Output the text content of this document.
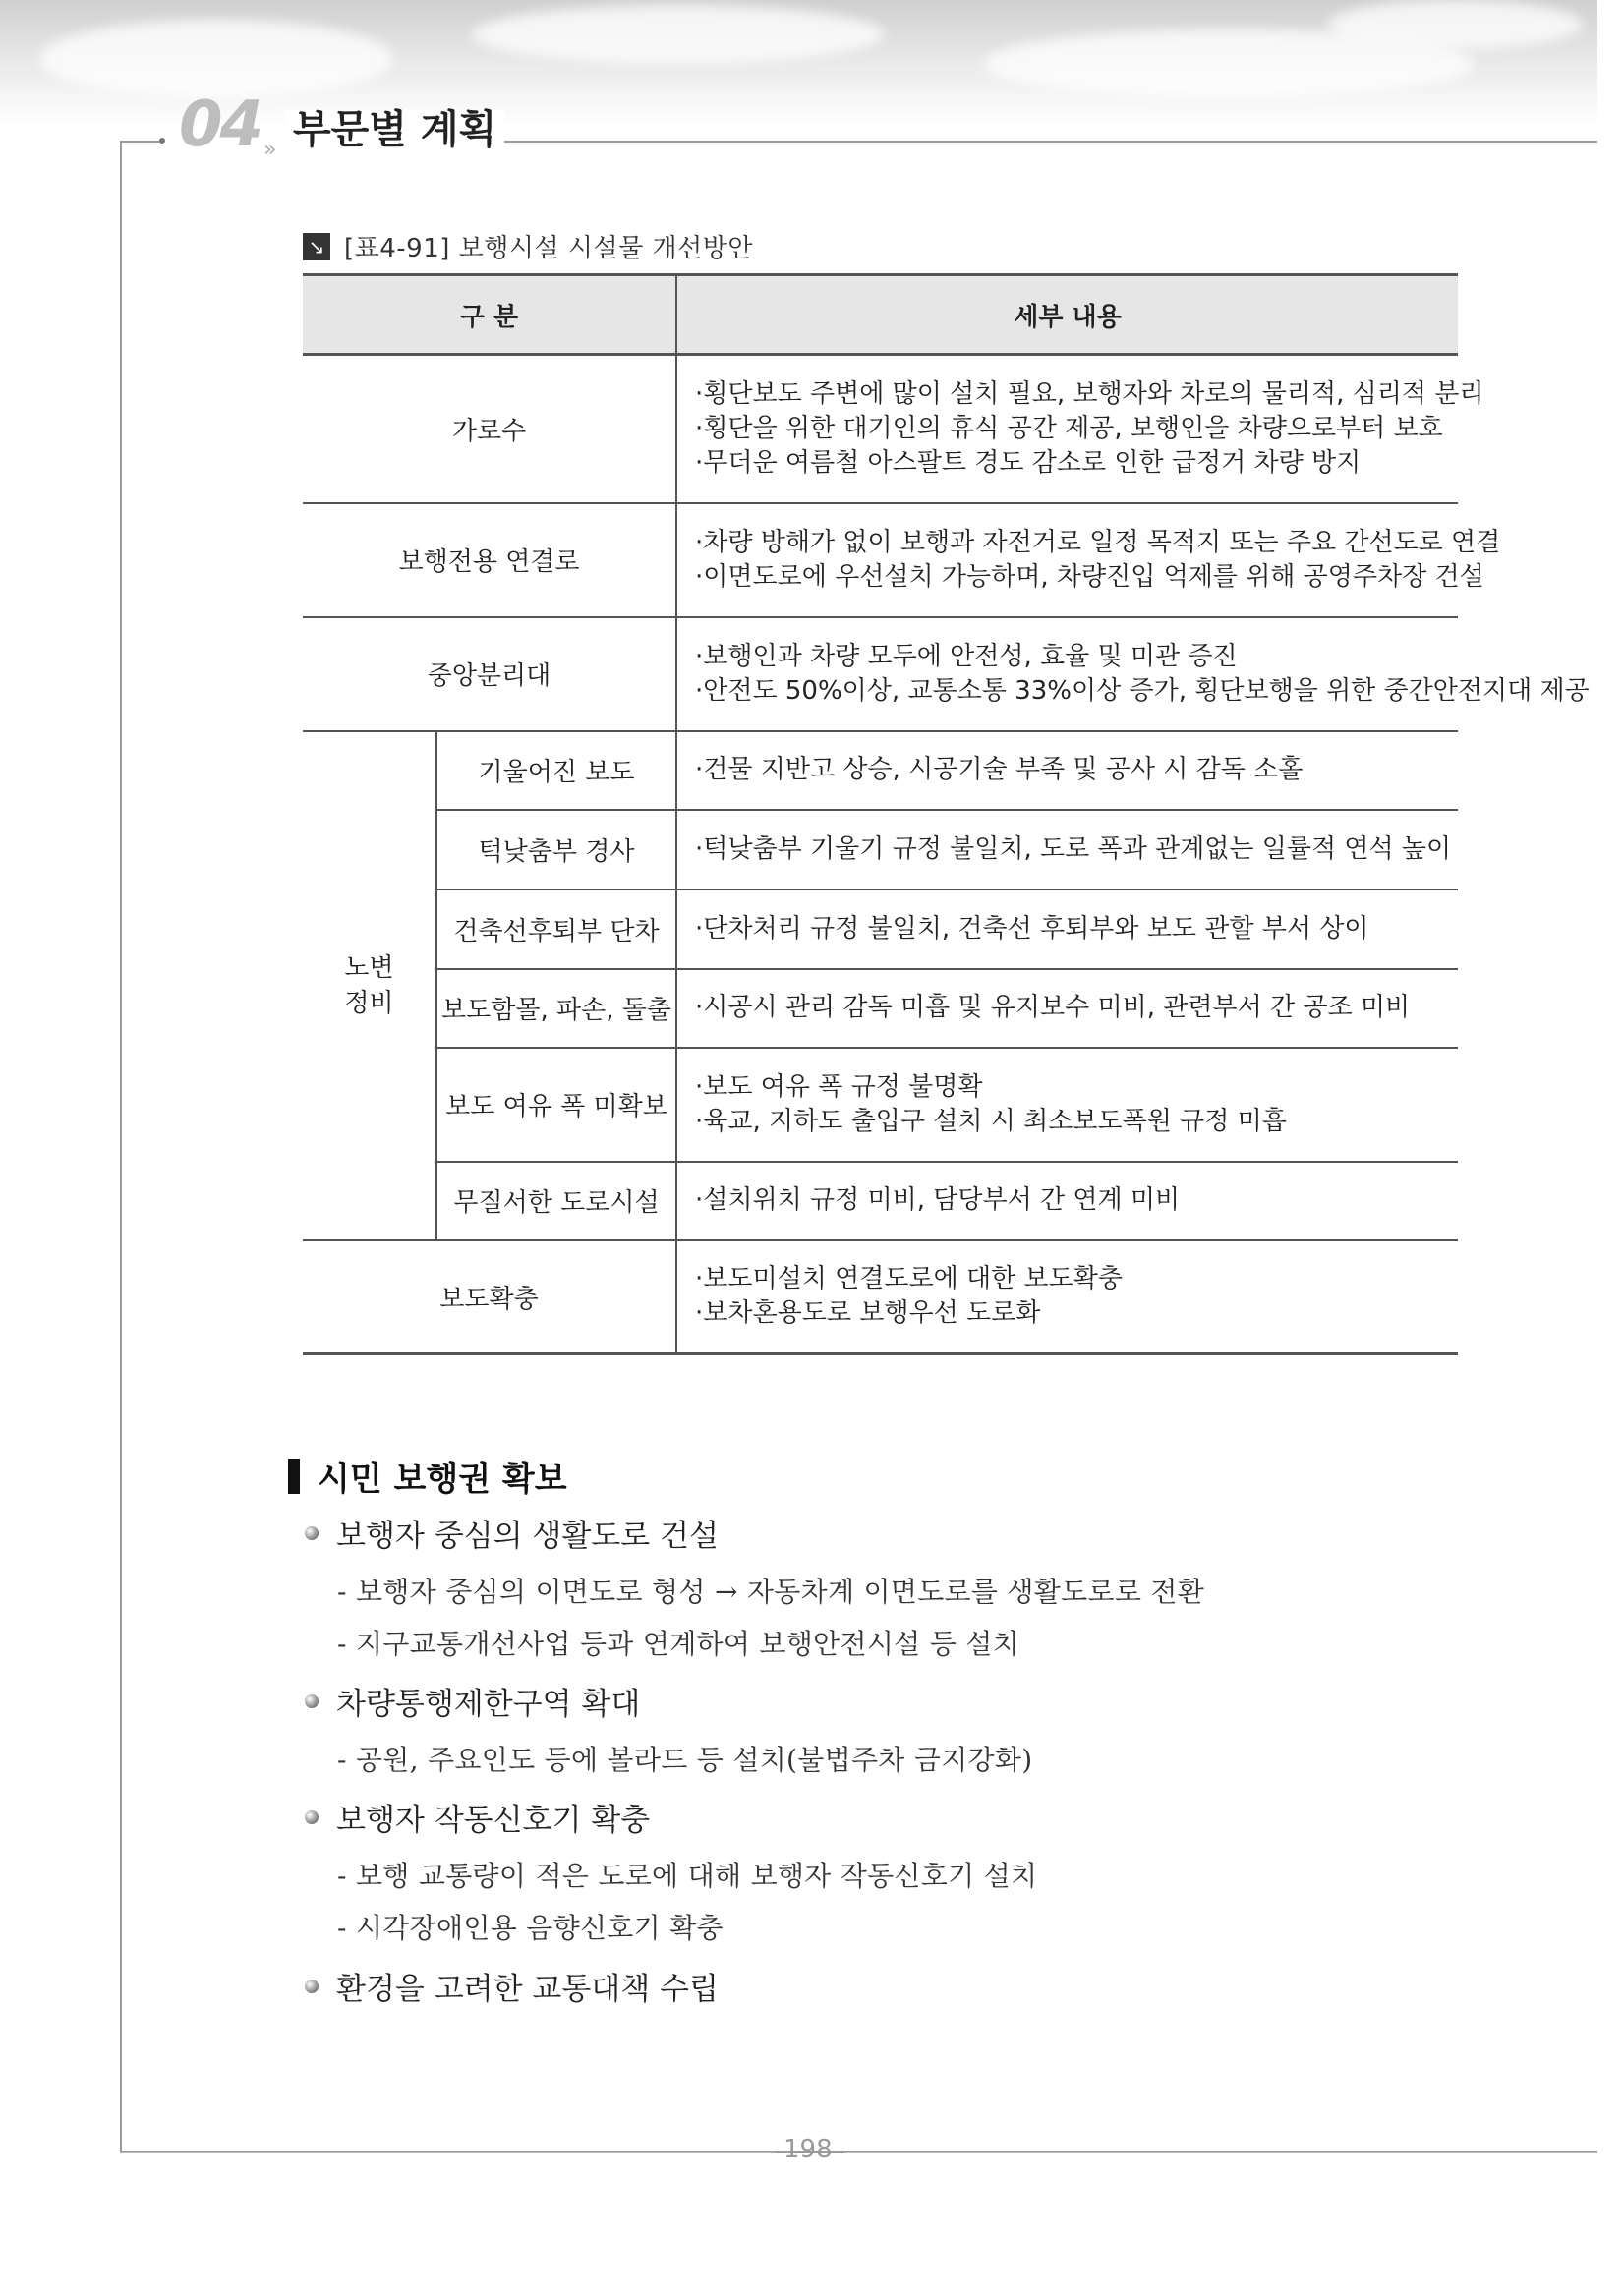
04 » 부문별 계획
↘ [표4-91] 보행시설 시설물 개선방안
구 분		세부 내용
가로수		·횡단보도 주변에 많이 설치 필요, 보행자와 차로의 물리적, 심리적 분리
·횡단을 위한 대기인의 휴식 공간 제공, 보행인을 차량으로부터 보호
·무더운 여름철 아스팔트 경도 감소로 인한 급정거 차량 방지

보행전용 연결로		·차량 방해가 없이 보행과 자전거로 일정 목적지 또는 주요 간선도로 연결
·이면도로에 우선설치 가능하며, 차량진입 억제를 위해 공영주차장 건설

중앙분리대		·보행인과 차량 모두에 안전성, 효율 및 미관 증진
·안전도 50%이상, 교통소통 33%이상 증가, 횡단보행을 위한 중간안전지대 제공

노변 정비	기울어진 보도	·건물 지반고 상승, 시공기술 부족 및 공사 시 감독 소홀

	턱낮춤부 경사	·턱낮춤부 기울기 규정 불일치, 도로 폭과 관계없는 일률적 연석 높이

	건축선후퇴부 단차	·단차처리 규정 불일치, 건축선 후퇴부와 보도 관할 부서 상이

	보도함몰, 파손, 돌출	·시공시 관리 감독 미흡 및 유지보수 미비, 관련부서 간 공조 미비

	보도 여유 폭 미확보	·보도 여유 폭 규정 불명확
·육교, 지하도 출입구 설치 시 최소보도폭원 규정 미흡

	무질서한 도로시설	·설치위치 규정 미비, 담당부서 간 연계 미비

보도확충		·보도미설치 연결도로에 대한 보도확충
·보차혼용도로 보행우선 도로화
시민 보행권 확보
보행자 중심의 생활도로 건설
- 보행자 중심의 이면도로 형성 → 자동차계 이면도로를 생활도로로 전환
- 지구교통개선사업 등과 연계하여 보행안전시설 등 설치
차량통행제한구역 확대
- 공원, 주요인도 등에 볼라드 등 설치(불법주차 금지강화)
보행자 작동신호기 확충
- 보행 교통량이 적은 도로에 대해 보행자 작동신호기 설치
- 시각장애인용 음향신호기 확충
환경을 고려한 교통대책 수립
198
